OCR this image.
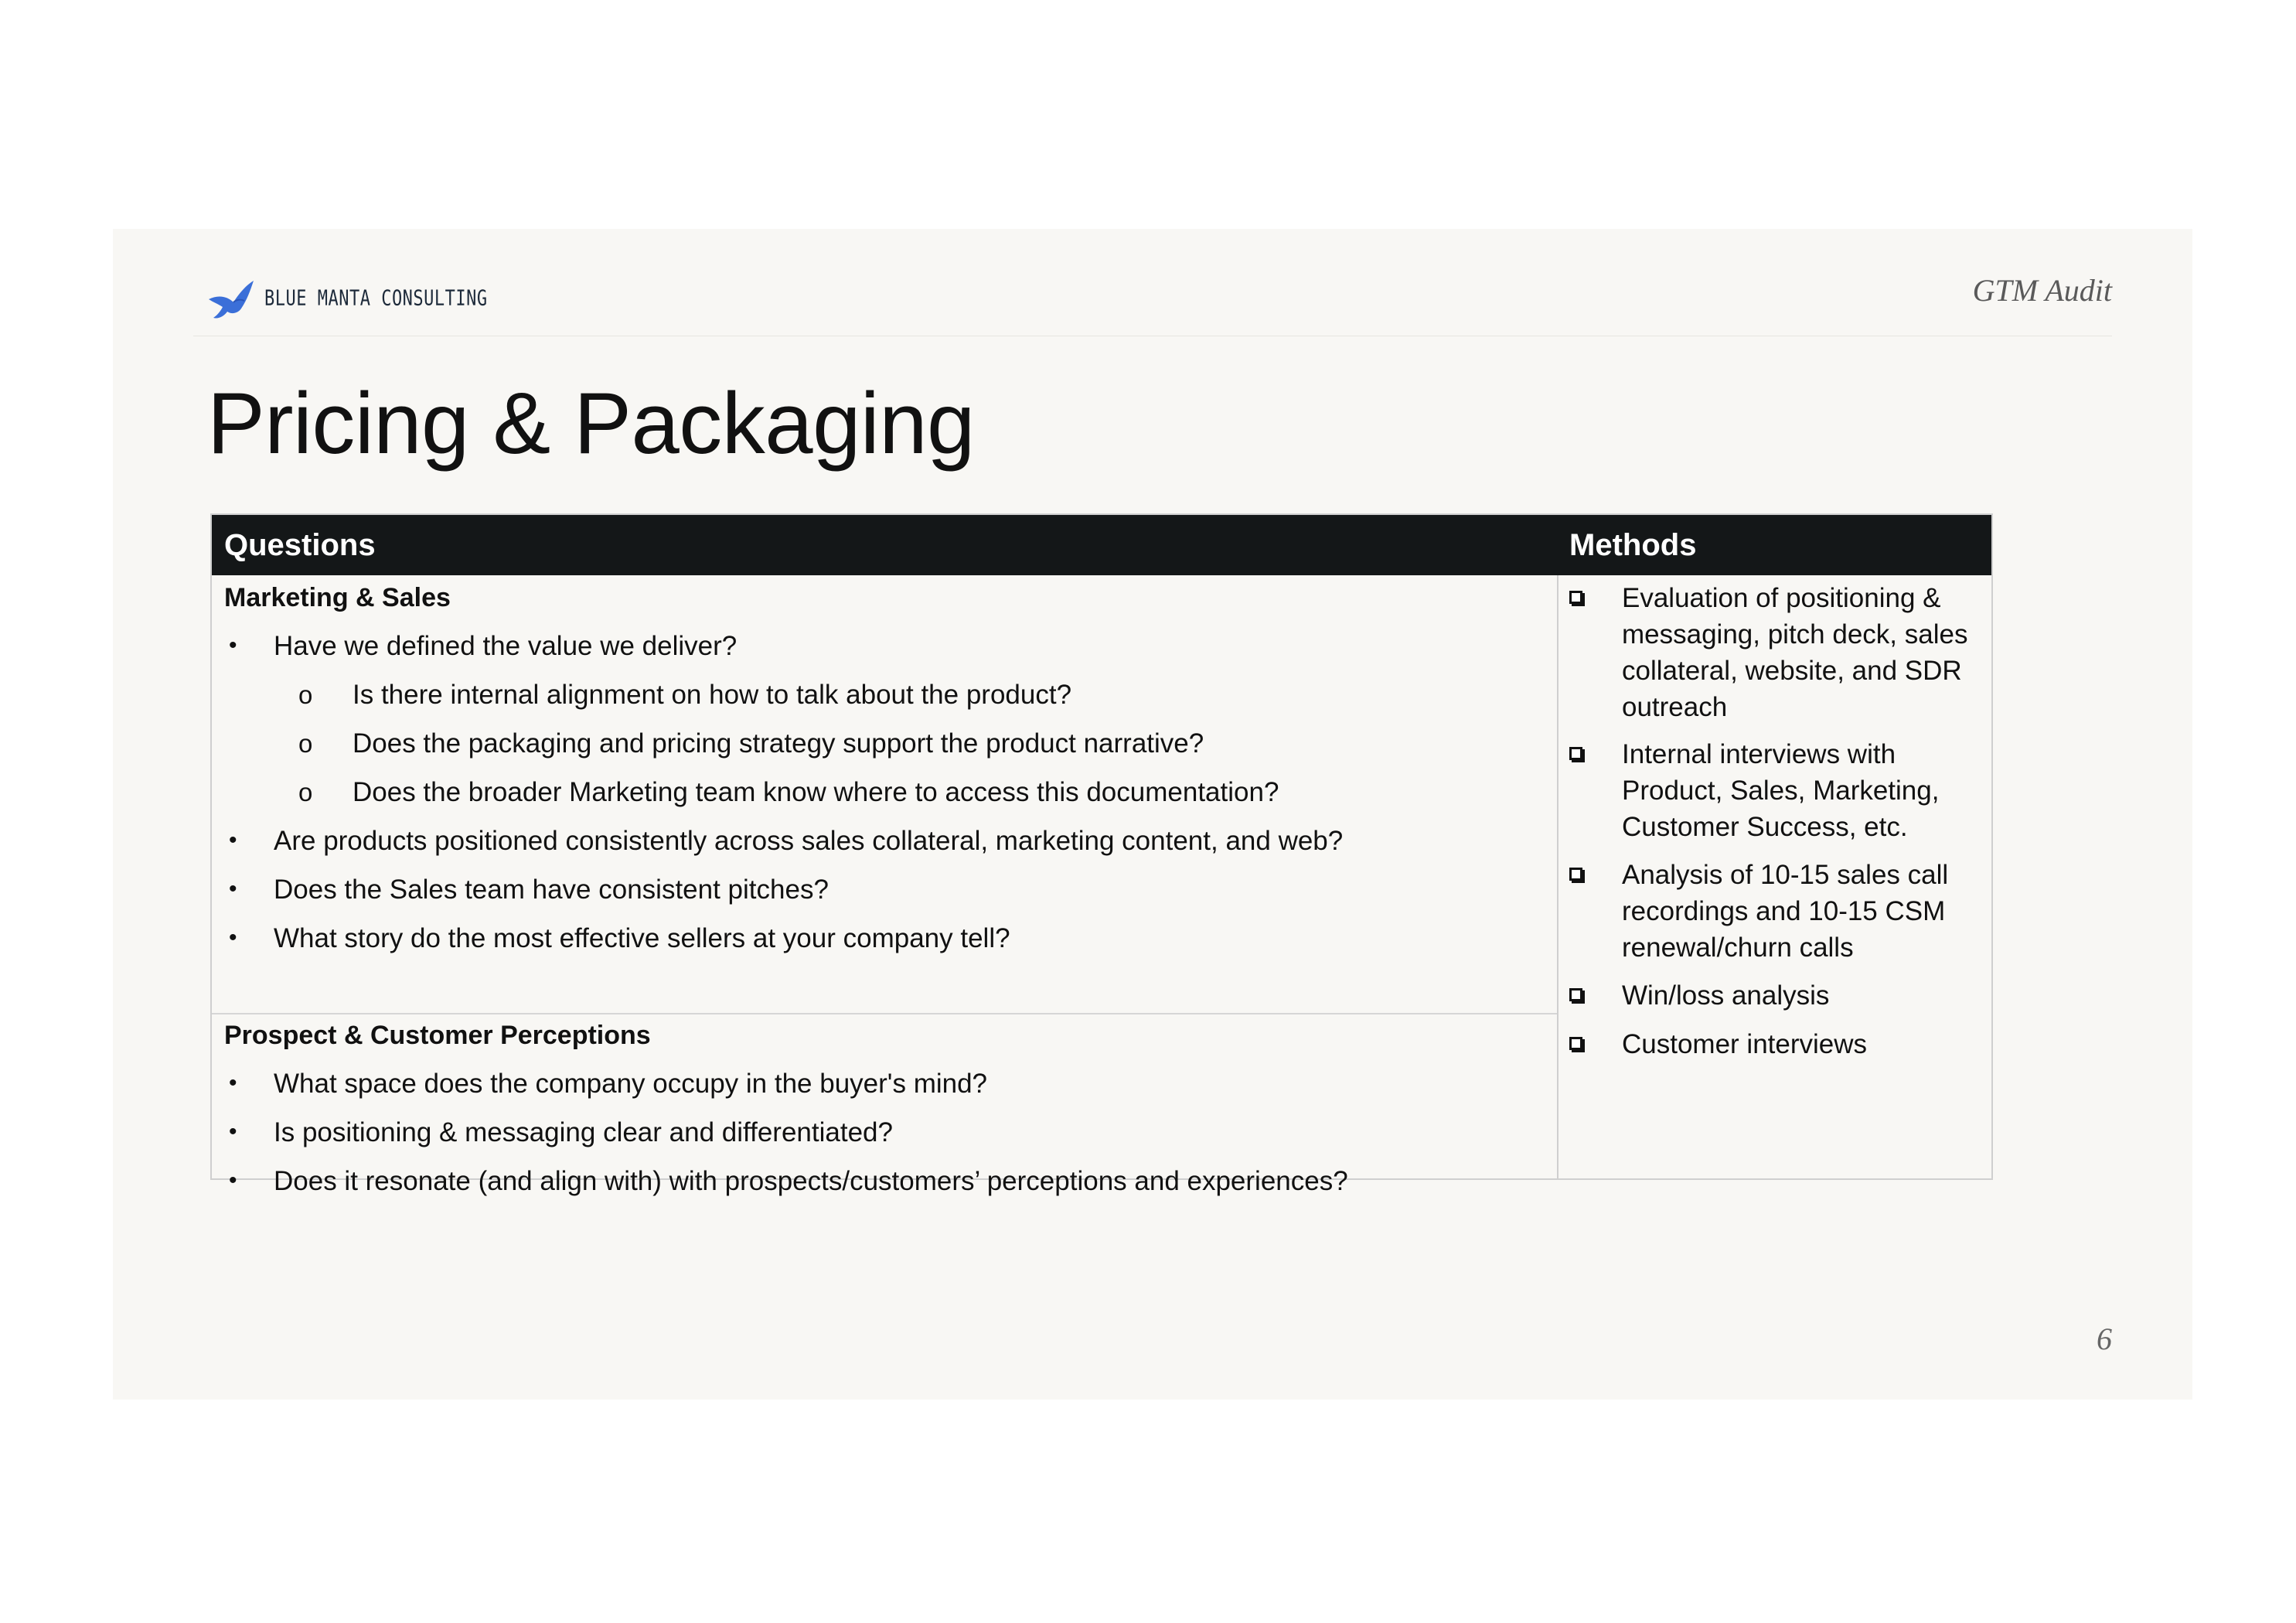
BLUE MANTA CONSULTING	GTM Audit
Pricing & Packaging
Questions	Methods
Marketing & Sales
• Have we defined the value we deliver?
o Is there internal alignment on how to talk about the product?
o Does the packaging and pricing strategy support the product narrative?
o Does the broader Marketing team know where to access this documentation?
• Are products positioned consistently across sales collateral, marketing content, and web?
• Does the Sales team have consistent pitches?
• What story do the most effective sellers at your company tell?
Prospect & Customer Perceptions
• What space does the company occupy in the buyer's mind?
• Is positioning & messaging clear and differentiated?
• Does it resonate (and align with) with prospects/customers’ perceptions and experiences?
Evaluation of positioning & messaging, pitch deck, sales collateral, website, and SDR outreach
Internal interviews with Product, Sales, Marketing, Customer Success, etc.
Analysis of 10-15 sales call recordings and 10-15 CSM renewal/churn calls
Win/loss analysis
Customer interviews
6
